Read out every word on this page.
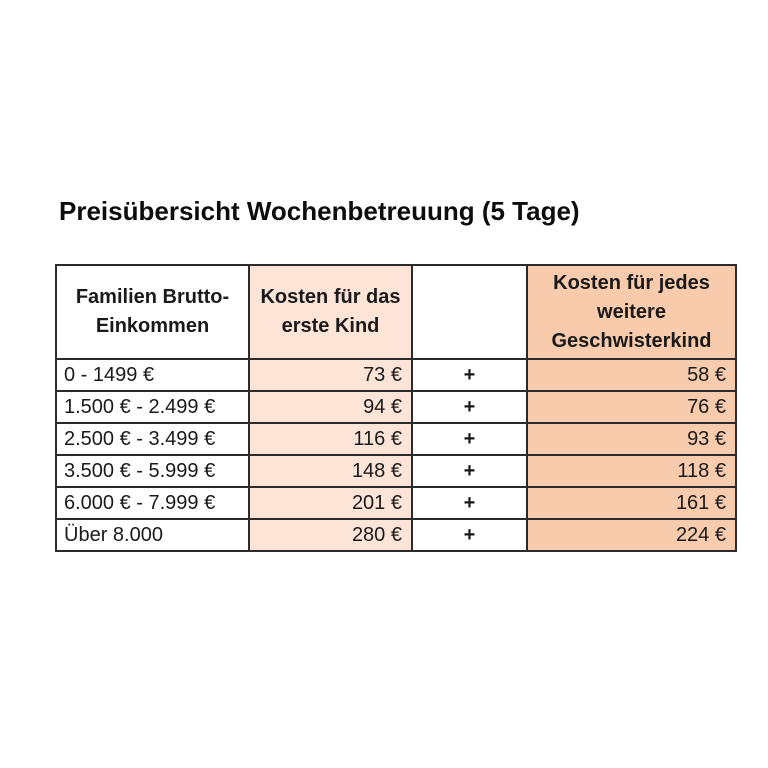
Preisübersicht Wochenbetreuung (5 Tage)
Familien Brutto-Einkommen	Kosten für das erste Kind		Kosten für jedes weitere Geschwisterkind
0 - 1499 €	73 €	+	58 €
1.500 € - 2.499 €	94 €	+	76 €
2.500 € - 3.499 €	116 €	+	93 €
3.500 € - 5.999 €	148 €	+	118 €
6.000 € - 7.999 €	201 €	+	161 €
Über 8.000	280 €	+	224 €
